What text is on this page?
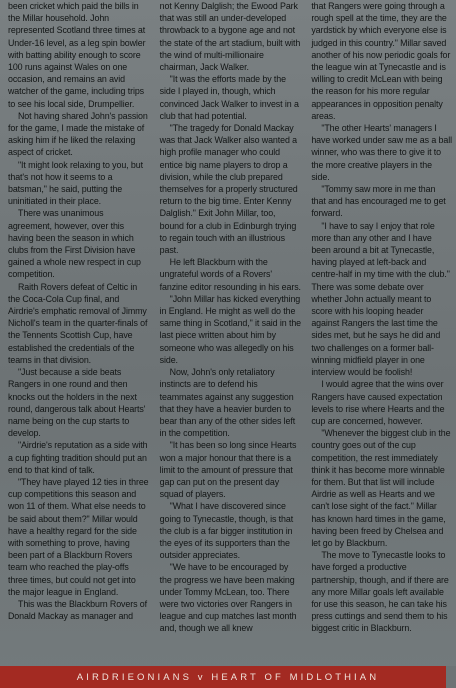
been cricket which paid the bills in the Millar household. John represented Scotland three times at Under-16 level, as a leg spin bowler with batting ability enough to score 100 runs against Wales on one occasion, and remains an avid watcher of the game, including trips to see his local side, Drumpellier.

Not having shared John's passion for the game, I made the mistake of asking him if he liked the relaxing aspect of cricket.

"It might look relaxing to you, but that's not how it seems to a batsman," he said, putting the uninitiated in their place.

There was unanimous agreement, however, over this having been the season in which clubs from the First Division have gained a whole new respect in cup competition.

Raith Rovers defeat of Celtic in the Coca-Cola Cup final, and Airdrie's emphatic removal of Jimmy Nicholl's team in the quarter-finals of the Tennents Scottish Cup, have established the credentials of the teams in that division.

"Just because a side beats Rangers in one round and then knocks out the holders in the next round, dangerous talk about Hearts' name being on the cup starts to develop.

"Airdrie's reputation as a side with a cup fighting tradition should put an end to that kind of talk.

"They have played 12 ties in three cup competitions this season and won 11 of them. What else needs to be said about them?" Millar would have a healthy regard for the side with something to prove, having been part of a Blackburn Rovers team who reached the play-offs three times, but could not get into the major league in England.

This was the Blackburn Rovers of Donald Mackay as manager and

not Kenny Dalglish; the Ewood Park that was still an under-developed throwback to a bygone age and not the state of the art stadium, built with the wind of multi-millionaire chairman, Jack Walker.

"It was the efforts made by the side I played in, though, which convinced Jack Walker to invest in a club that had potential.

"The tragedy for Donald Mackay was that Jack Walker also wanted a high profile manager who could entice big name players to drop a division, while the club prepared themselves for a properly structured return to the big time. Enter Kenny Dalglish." Exit John Millar, too, bound for a club in Edinburgh trying to regain touch with an illustrious past.

He left Blackburn with the ungrateful words of a Rovers' fanzine editor resounding in his ears.

"John Millar has kicked everything in England. He might as well do the same thing in Scotland," it said in the last piece written about him by someone who was allegedly on his side.

Now, John's only retaliatory instincts are to defend his teammates against any suggestion that they have a heavier burden to bear than any of the other sides left in the competition.

"It has been so long since Hearts won a major honour that there is a limit to the amount of pressure that gap can put on the present day squad of players.

"What I have discovered since going to Tynecastle, though, is that the club is a far bigger institution in the eyes of its supporters than the outsider appreciates.

"We have to be encouraged by the progress we have been making under Tommy McLean, too. There were two victories over Rangers in league and cup matches last month and, though we all knew

that Rangers were going through a rough spell at the time, they are the yardstick by which everyone else is judged in this country." Millar saved another of his now periodic goals for the league win at Tynecastle and is willing to credit McLean with being the reason for his more regular appearances in opposition penalty areas.

"The other Hearts' managers I have worked under saw me as a ball winner, who was there to give it to the more creative players in the side.

"Tommy saw more in me than that and has encouraged me to get forward.

"I have to say I enjoy that role more than any other and I have been around a bit at Tynecastle, having played at left-back and centre-half in my time with the club." There was some debate over whether John actually meant to score with his looping header against Rangers the last time the sides met, but he says he did and two challenges on a former ball-winning midfield player in one interview would be foolish!

I would agree that the wins over Rangers have caused expectation levels to rise where Hearts and the cup are concerned, however.

"Whenever the biggest club in the country goes out of the cup competition, the rest immediately think it has become more winnable for them. But that list will include Airdrie as well as Hearts and we can't lose sight of the fact." Millar has known hard times in the game, having been freed by Chelsea and let go by Blackburn.

The move to Tynecastle looks to have forged a productive partnership, though, and if there are any more Millar goals left available for use this season, he can take his press cuttings and send them to his biggest critic in Blackburn.

AIRDRIEONIANS v HEART OF MIDLOTHIAN
